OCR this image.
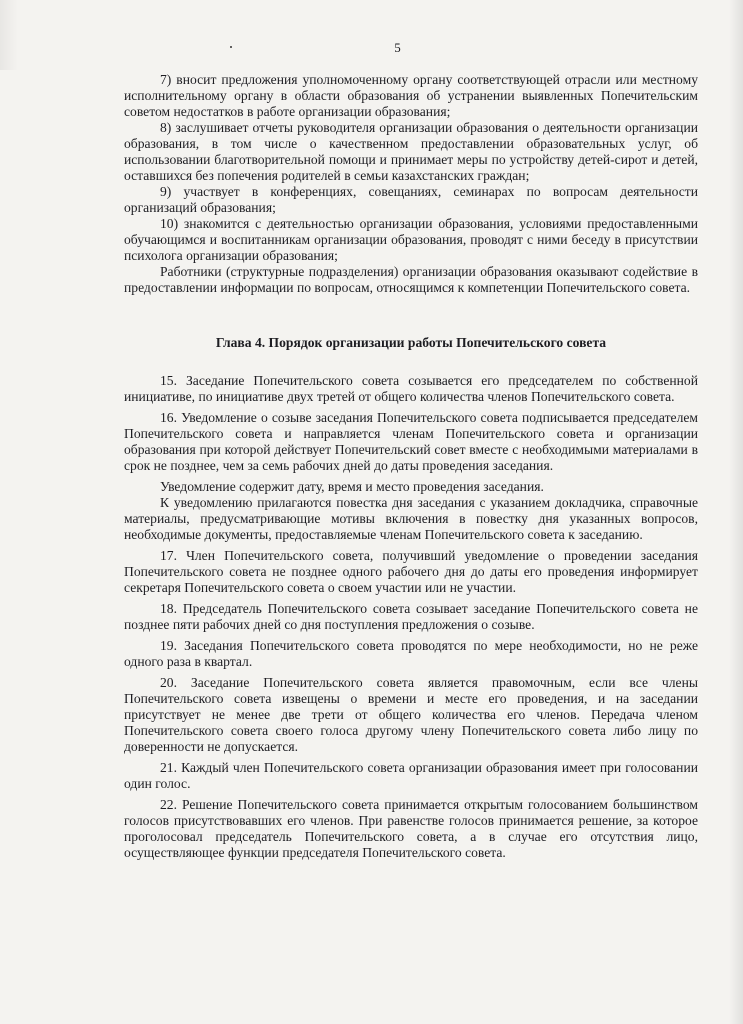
5

7) вносит предложения уполномоченному органу соответствующей отрасли или местному исполнительному органу в области образования об устранении выявленных Попечительским советом недостатков в работе организации образования;

8) заслушивает отчеты руководителя организации образования о деятельности организации образования, в том числе о качественном предоставлении образовательных услуг, об использовании благотворительной помощи и принимает меры по устройству детей-сирот и детей, оставшихся без попечения родителей в семьи казахстанских граждан;

9) участвует в конференциях, совещаниях, семинарах по вопросам деятельности организаций образования;

10) знакомится с деятельностью организации образования, условиями предоставленными обучающимся и воспитанникам организации образования, проводят с ними беседу в присутствии психолога организации образования;

Работники (структурные подразделения) организации образования оказывают содействие в предоставлении информации по вопросам, относящимся к компетенции Попечительского совета.

Глава 4. Порядок организации работы Попечительского совета

15. Заседание Попечительского совета созывается его председателем по собственной инициативе, по инициативе двух третей от общего количества членов Попечительского совета.

16. Уведомление о созыве заседания Попечительского совета подписывается председателем Попечительского совета и направляется членам Попечительского совета и организации образования при которой действует Попечительский совет вместе с необходимыми материалами в срок не позднее, чем за семь рабочих дней до даты проведения заседания.

Уведомление содержит дату, время и место проведения заседания.

К уведомлению прилагаются повестка дня заседания с указанием докладчика, справочные материалы, предусматривающие мотивы включения в повестку дня указанных вопросов, необходимые документы, предоставляемые членам Попечительского совета к заседанию.

17. Член Попечительского совета, получивший уведомление о проведении заседания Попечительского совета не позднее одного рабочего дня до даты его проведения информирует секретаря Попечительского совета о своем участии или не участии.

18. Председатель Попечительского совета созывает заседание Попечительского совета не позднее пяти рабочих дней со дня поступления предложения о созыве.

19. Заседания Попечительского совета проводятся по мере необходимости, но не реже одного раза в квартал.

20. Заседание Попечительского совета является правомочным, если все члены Попечительского совета извещены о времени и месте его проведения, и на заседании присутствует не менее две трети от общего количества его членов. Передача членом Попечительского совета своего голоса другому члену Попечительского совета либо лицу по доверенности не допускается.

21. Каждый член Попечительского совета организации образования имеет при голосовании один голос.

22. Решение Попечительского совета принимается открытым голосованием большинством голосов присутствовавших его членов. При равенстве голосов принимается решение, за которое проголосовал председатель Попечительского совета, а в случае его отсутствия лицо, осуществляющее функции председателя Попечительского совета.
